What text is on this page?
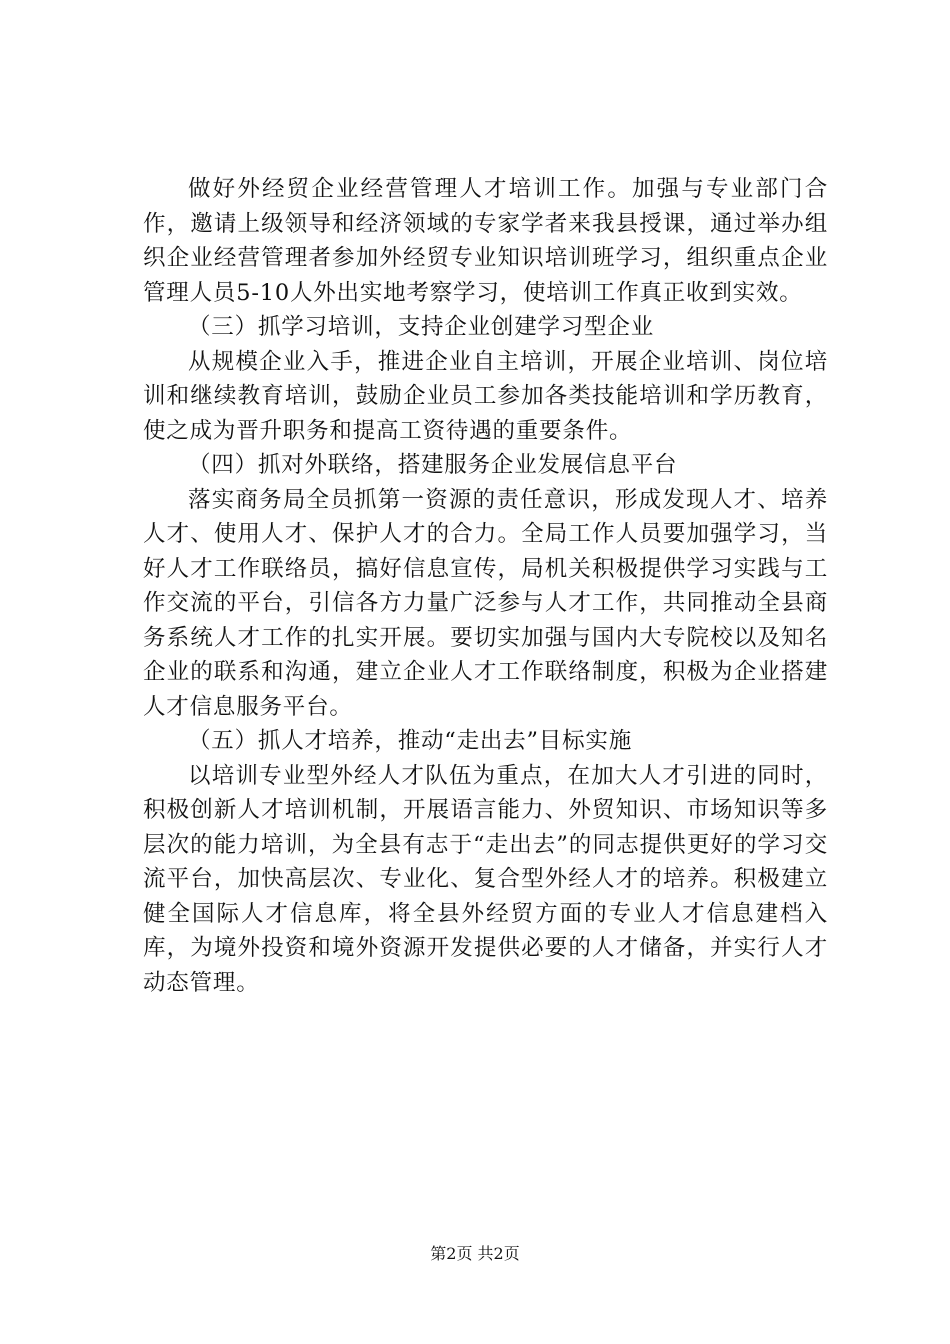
做好外经贸企业经营管理人才培训工作。加强与专业部门合作，邀请上级领导和经济领域的专家学者来我县授课，通过举办组织企业经营管理者参加外经贸专业知识培训班学习，组织重点企业管理人员5-10人外出实地考察学习，使培训工作真正收到实效。

（三）抓学习培训，支持企业创建学习型企业

从规模企业入手，推进企业自主培训，开展企业培训、岗位培训和继续教育培训，鼓励企业员工参加各类技能培训和学历教育，使之成为晋升职务和提高工资待遇的重要条件。

（四）抓对外联络，搭建服务企业发展信息平台

落实商务局全员抓第一资源的责任意识，形成发现人才、培养人才、使用人才、保护人才的合力。全局工作人员要加强学习，当好人才工作联络员，搞好信息宣传，局机关积极提供学习实践与工作交流的平台，引信各方力量广泛参与人才工作，共同推动全县商务系统人才工作的扎实开展。要切实加强与国内大专院校以及知名企业的联系和沟通，建立企业人才工作联络制度，积极为企业搭建人才信息服务平台。

（五）抓人才培养，推动“走出去”目标实施

以培训专业型外经人才队伍为重点，在加大人才引进的同时，积极创新人才培训机制，开展语言能力、外贸知识、市场知识等多层次的能力培训，为全县有志于“走出去”的同志提供更好的学习交流平台，加快高层次、专业化、复合型外经人才的培养。积极建立健全国际人才信息库，将全县外经贸方面的专业人才信息建档入库，为境外投资和境外资源开发提供必要的人才储备，并实行人才动态管理。

第2页 共2页
